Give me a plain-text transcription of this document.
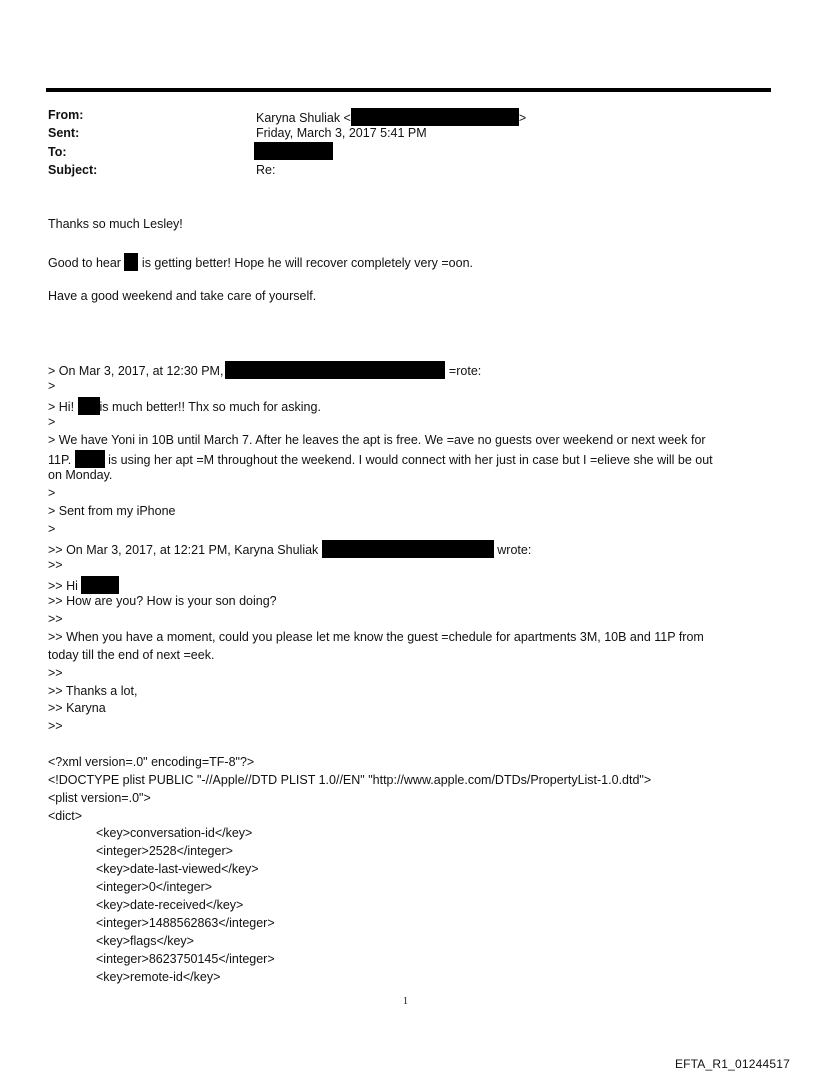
From:	Karyna Shuliak <	>
Sent:	Friday, March 3, 2017 5:41 PM
To:
Subject:	Re:
Thanks so much Lesley!
Good to hear  is getting better! Hope he will recover completely very =oon.
Have a good weekend and take care of yourself.
> On Mar 3, 2017, at 12:30 PM,	=rote:
>
> Hi! is much better!! Thx so much for asking.
>
> We have Yoni in 10B until March 7. After he leaves the apt is free. We =ave no guests over weekend or next week for
11P.  is using her apt =M throughout the weekend. I would connect with her just in case but I =elieve she will be out
on Monday.
>
> Sent from my iPhone
>
>> On Mar 3, 2017, at 12:21 PM, Karyna Shuliak	wrote:
>>
>> Hi
>> How are you? How is your son doing?
>>
>> When you have a moment, could you please let me know the guest =chedule for apartments 3M, 10B and 11P from
today till the end of next =eek.
>>
>> Thanks a lot,
>> Karyna
>>
<?xml version=.0" encoding=TF-8"?>
<!DOCTYPE plist PUBLIC "-//Apple//DTD PLIST 1.0//EN" "http://www.apple.com/DTDs/PropertyList-1.0.dtd">
<plist version=.0">
<dict>
<key>conversation-id</key>
<integer>2528</integer>
<key>date-last-viewed</key>
<integer>0</integer>
<key>date-received</key>
<integer>1488562863</integer>
<key>flags</key>
<integer>8623750145</integer>
<key>remote-id</key>
1
EFTA_R1_01244517
